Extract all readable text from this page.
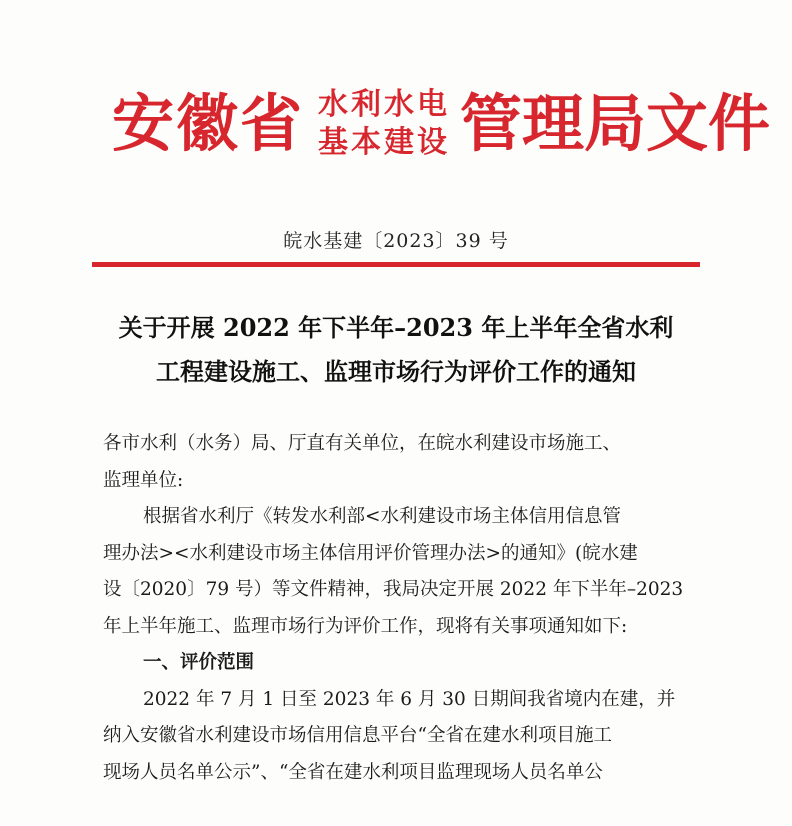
安徽省 水利水电
基本建设 管理局文件
皖水基建〔2023〕39 号
关于开展 2022 年下半年–2023 年上半年全省水利
工程建设施工、监理市场行为评价工作的通知
各市水利（水务）局、厅直有关单位，在皖水利建设市场施工、
监理单位:
根据省水利厅《转发水利部<水利建设市场主体信用信息管
理办法><水利建设市场主体信用评价管理办法>的通知》(皖水建
设〔2020〕79 号）等文件精神，我局决定开展 2022 年下半年–2023
年上半年施工、监理市场行为评价工作，现将有关事项通知如下:
一、评价范围
2022 年 7 月 1 日至 2023 年 6 月 30 日期间我省境内在建，并
纳入安徽省水利建设市场信用信息平台“全省在建水利项目施工
现场人员名单公示”、“全省在建水利项目监理现场人员名单公
